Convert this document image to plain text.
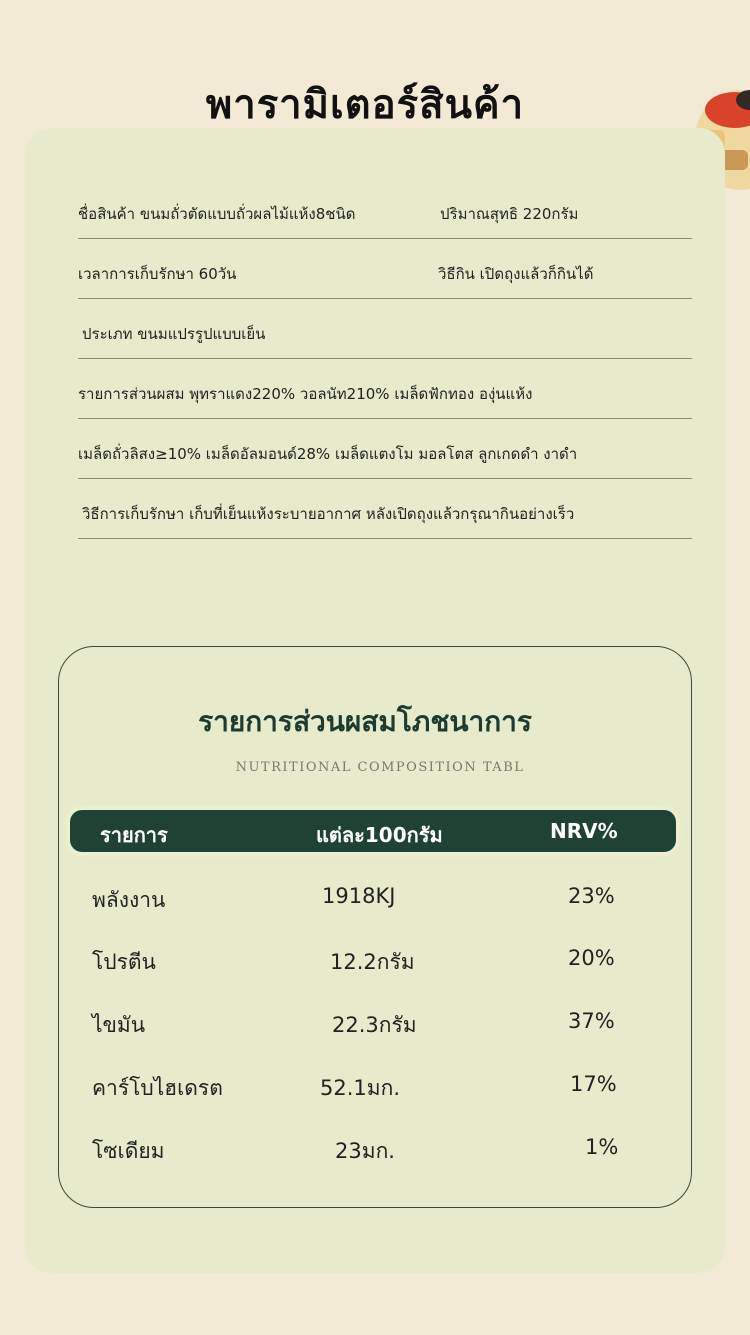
พารามิเตอร์สินค้า
ชื่อสินค้า ขนมถั่วตัดแบบถั่วผลไม้แห้ง8ชนิด	ปริมาณสุทธิ 220กรัม
เวลาการเก็บรักษา 60วัน	วิธีกิน เปิดถุงแล้วก็กินได้
ประเภท ขนมแปรรูปแบบเย็น
รายการส่วนผสม พุทราแดง220% วอลนัท210% เมล็ดฟักทอง องุ่นแห้ง
เมล็ดถั่วลิสง≥10% เมล็ดอัลมอนด์28% เมล็ดแตงโม มอลโตส ลูกเกดดำ งาดำ
วิธีการเก็บรักษา เก็บที่เย็นแห้งระบายอากาศ หลังเปิดถุงแล้วกรุณากินอย่างเร็ว
รายการส่วนผสมโภชนาการ
NUTRITIONAL COMPOSITION TABL
รายการ	แต่ละ100กรัม	NRV%
พลังงาน	1918KJ	23%
โปรตีน	12.2กรัม	20%
ไขมัน	22.3กรัม	37%
คาร์โบไฮเดรต	52.1มก.	17%
โซเดียม	23มก.	1%
